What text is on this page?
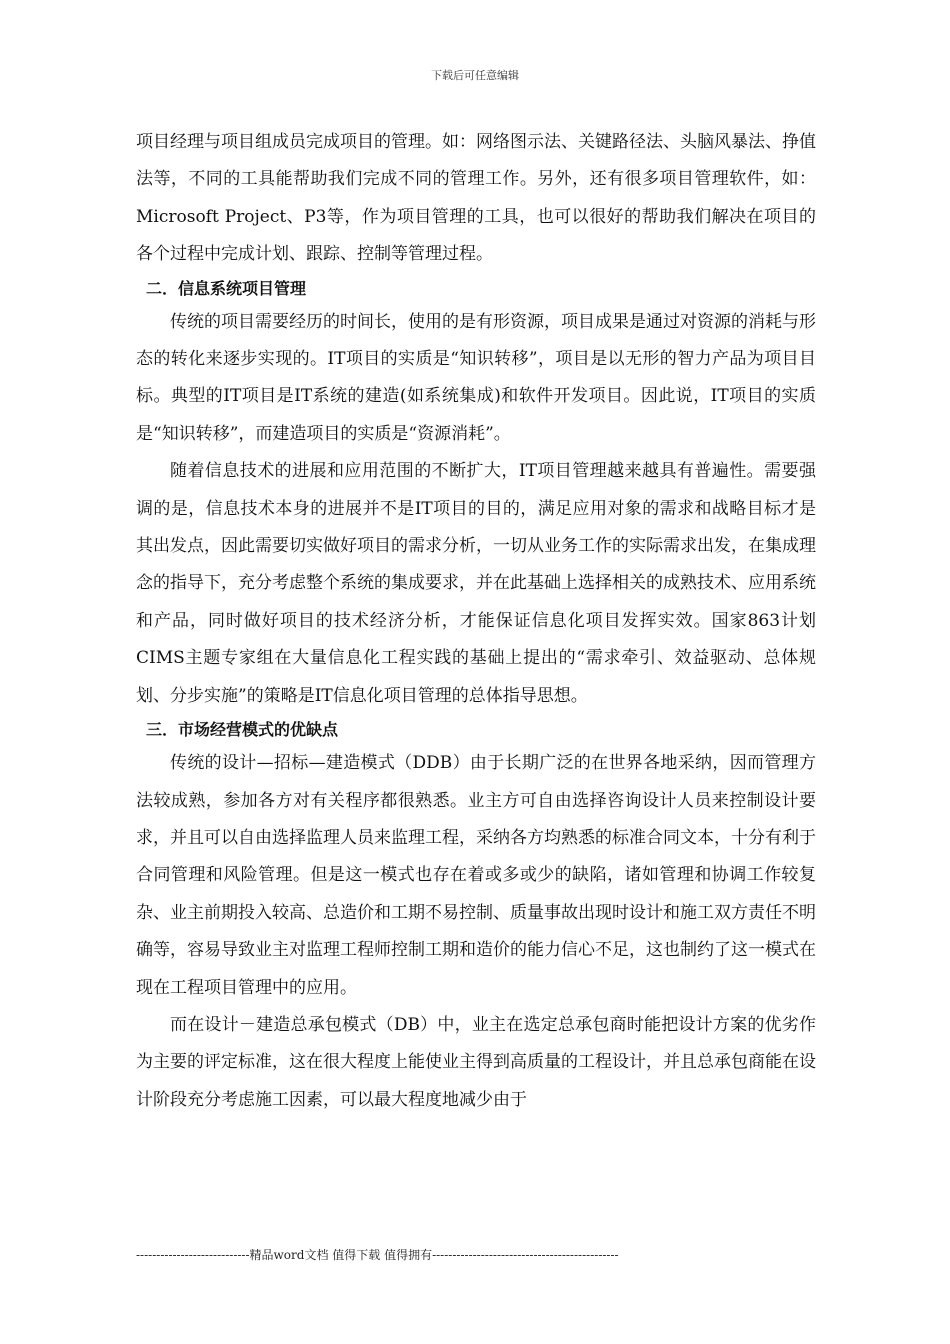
下载后可任意编辑

项目经理与项目组成员完成项目的管理。如：网络图示法、关键路径法、头脑风暴法、挣值法等，不同的工具能帮助我们完成不同的管理工作。另外，还有很多项目管理软件，如：Microsoft Project、P3等，作为项目管理的工具，也可以很好的帮助我们解决在项目的各个过程中完成计划、跟踪、控制等管理过程。

二．信息系统项目管理

传统的项目需要经历的时间长，使用的是有形资源，项目成果是通过对资源的消耗与形态的转化来逐步实现的。IT项目的实质是“知识转移”，项目是以无形的智力产品为项目目标。典型的IT项目是IT系统的建造(如系统集成)和软件开发项目。因此说，IT项目的实质是“知识转移”，而建造项目的实质是“资源消耗”。

随着信息技术的进展和应用范围的不断扩大，IT项目管理越来越具有普遍性。需要强调的是，信息技术本身的进展并不是IT项目的目的，满足应用对象的需求和战略目标才是其出发点，因此需要切实做好项目的需求分析，一切从业务工作的实际需求出发，在集成理念的指导下，充分考虑整个系统的集成要求，并在此基础上选择相关的成熟技术、应用系统和产品，同时做好项目的技术经济分析，才能保证信息化项目发挥实效。国家863计划CIMS主题专家组在大量信息化工程实践的基础上提出的“需求牵引、效益驱动、总体规划、分步实施”的策略是IT信息化项目管理的总体指导思想。

三．市场经营模式的优缺点

传统的设计—招标—建造模式（DDB）由于长期广泛的在世界各地采纳，因而管理方法较成熟，参加各方对有关程序都很熟悉。业主方可自由选择咨询设计人员来控制设计要求，并且可以自由选择监理人员来监理工程，采纳各方均熟悉的标准合同文本，十分有利于合同管理和风险管理。但是这一模式也存在着或多或少的缺陷，诸如管理和协调工作较复杂、业主前期投入较高、总造价和工期不易控制、质量事故出现时设计和施工双方责任不明确等，容易导致业主对监理工程师控制工期和造价的能力信心不足，这也制约了这一模式在现在工程项目管理中的应用。

而在设计－建造总承包模式（DB）中，业主在选定总承包商时能把设计方案的优劣作为主要的评定标准，这在很大程度上能使业主得到高质量的工程设计，并且总承包商能在设计阶段充分考虑施工因素，可以最大程度地减少由于

----------------------------精品word文档 值得下载 值得拥有----------------------------------------------
